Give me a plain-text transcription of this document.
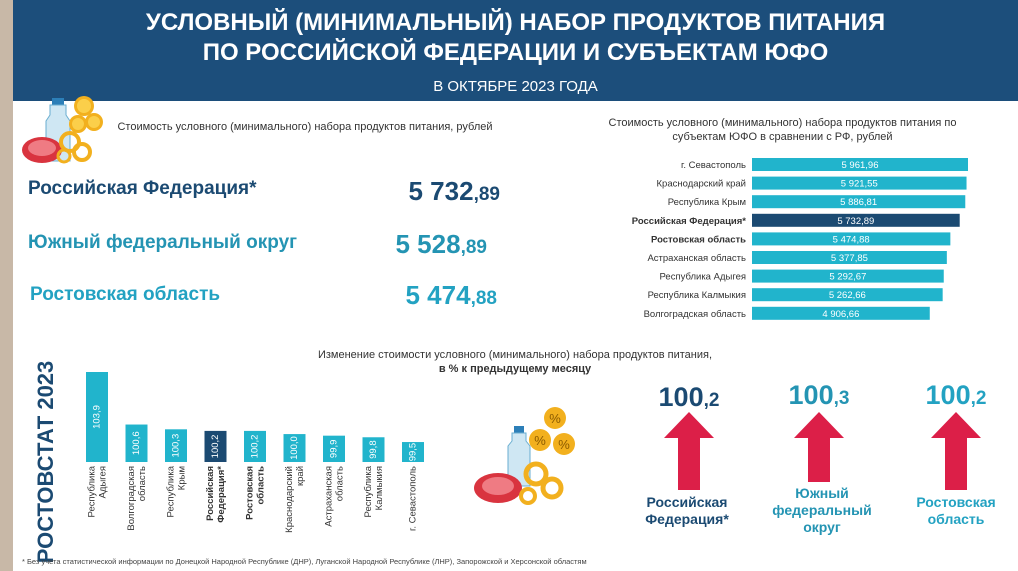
УСЛОВНЫЙ (МИНИМАЛЬНЫЙ) НАБОР ПРОДУКТОВ ПИТАНИЯ
ПО РОССИЙСКОЙ ФЕДЕРАЦИИ И СУБЪЕКТАМ ЮФО
В ОКТЯБРЕ 2023 ГОДА
Стоимость условного (минимального) набора продуктов питания, рублей
Российская Федерация*	5 732,89
Южный федеральный округ	5 528,89
Ростовская область	5 474,88
Стоимость условного (минимального) набора продуктов питания по субъектам ЮФО в сравнении с РФ, рублей
г. Севастополь	5 961,96
Краснодарский край	5 921,55
Республика Крым	5 886,81
Российская Федерация*	5 732,89
Ростовская область	5 474,88
Астраханская область	5 377,85
Республика Адыгея	5 292,67
Республика Калмыкия	5 262,66
Волгоградская область	4 906,66
РОСТОВСТАТ 2023
Изменение стоимости условного (минимального) набора продуктов питания,
в % к предыдущему месяцу
103,9
Республика Адыгея
100,6
Волгоградская область
100,3
Республика Крым
100,2
Российская Федерация*
100,2
Ростовская область
100,0
Краснодарский край
99,9
Астраханская область
99,8
Республика Калмыкия
99,5
г. Севастополь
%
% %
100,2
Российская
Федерация*
100,3
Южный
федеральный
округ
100,2
Ростовская
область
* Без учета статистической информации по Донецкой Народной Республике (ДНР), Луганской Народной Республике (ЛНР), Запорожской и Херсонской областям
